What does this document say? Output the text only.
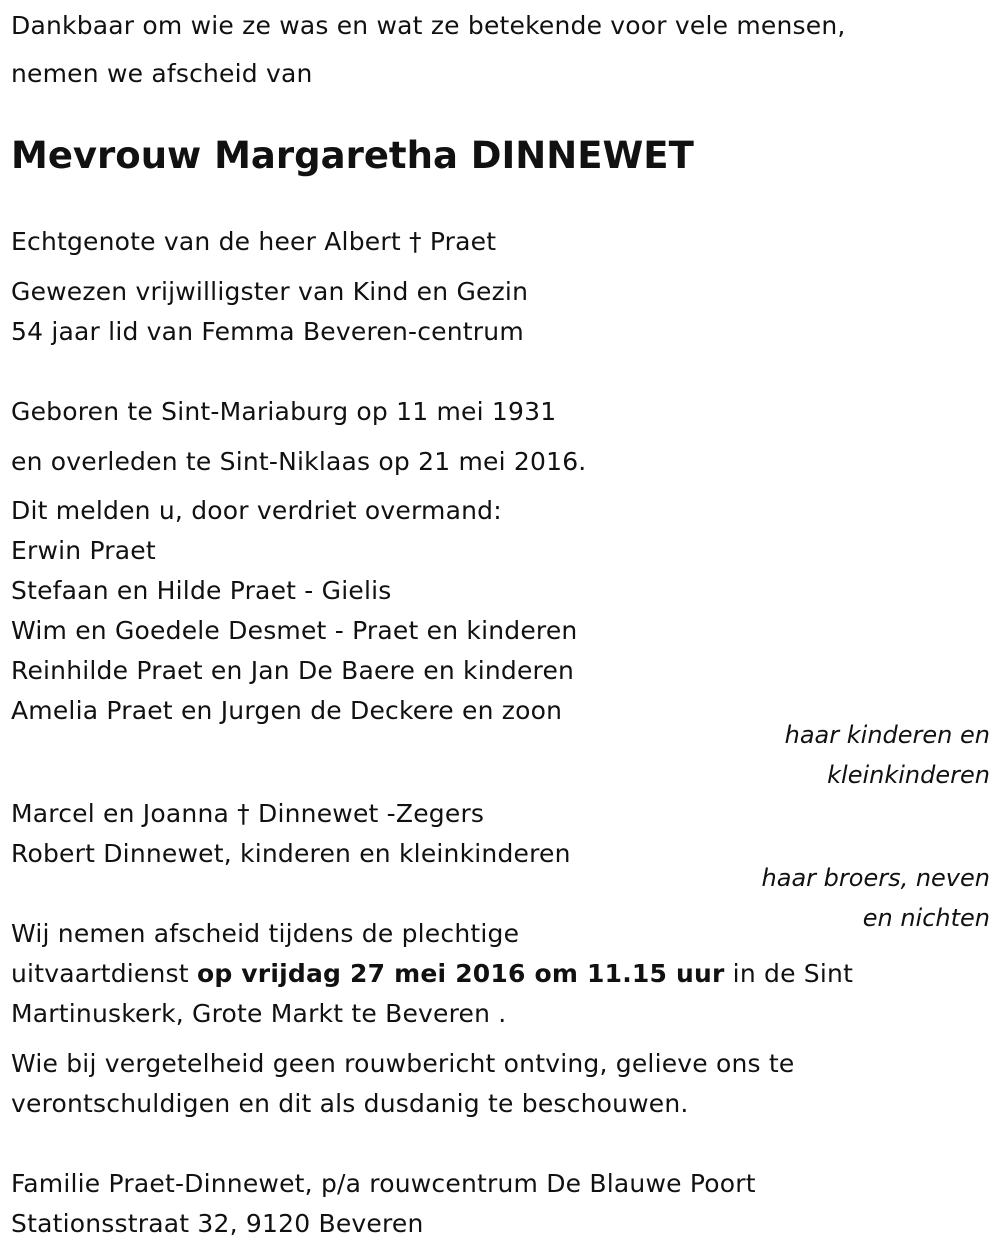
Dankbaar om wie ze was en wat ze betekende voor vele mensen,
nemen we afscheid van
Mevrouw Margaretha DINNEWET
Echtgenote van de heer Albert † Praet
Gewezen vrijwilligster van Kind en Gezin
54 jaar lid van Femma Beveren-centrum
Geboren te Sint-Mariaburg op 11 mei 1931
en overleden te Sint-Niklaas op 21 mei 2016.
Dit melden u, door verdriet overmand:
Erwin Praet
Stefaan en Hilde Praet - Gielis
Wim en Goedele Desmet - Praet en kinderen
Reinhilde Praet en Jan De Baere en kinderen
Amelia Praet en Jurgen de Deckere en zoon
haar kinderen en
kleinkinderen
Marcel en Joanna † Dinnewet -Zegers
Robert Dinnewet, kinderen en kleinkinderen
haar broers, neven
en nichten
Wij nemen afscheid tijdens de plechtige
uitvaartdienst op vrijdag 27 mei 2016 om 11.15 uur in de Sint
Martinuskerk, Grote Markt te Beveren .
Wie bij vergetelheid geen rouwbericht ontving, gelieve ons te
verontschuldigen en dit als dusdanig te beschouwen.
Familie Praet-Dinnewet, p/a rouwcentrum De Blauwe Poort
Stationsstraat 32, 9120 Beveren
